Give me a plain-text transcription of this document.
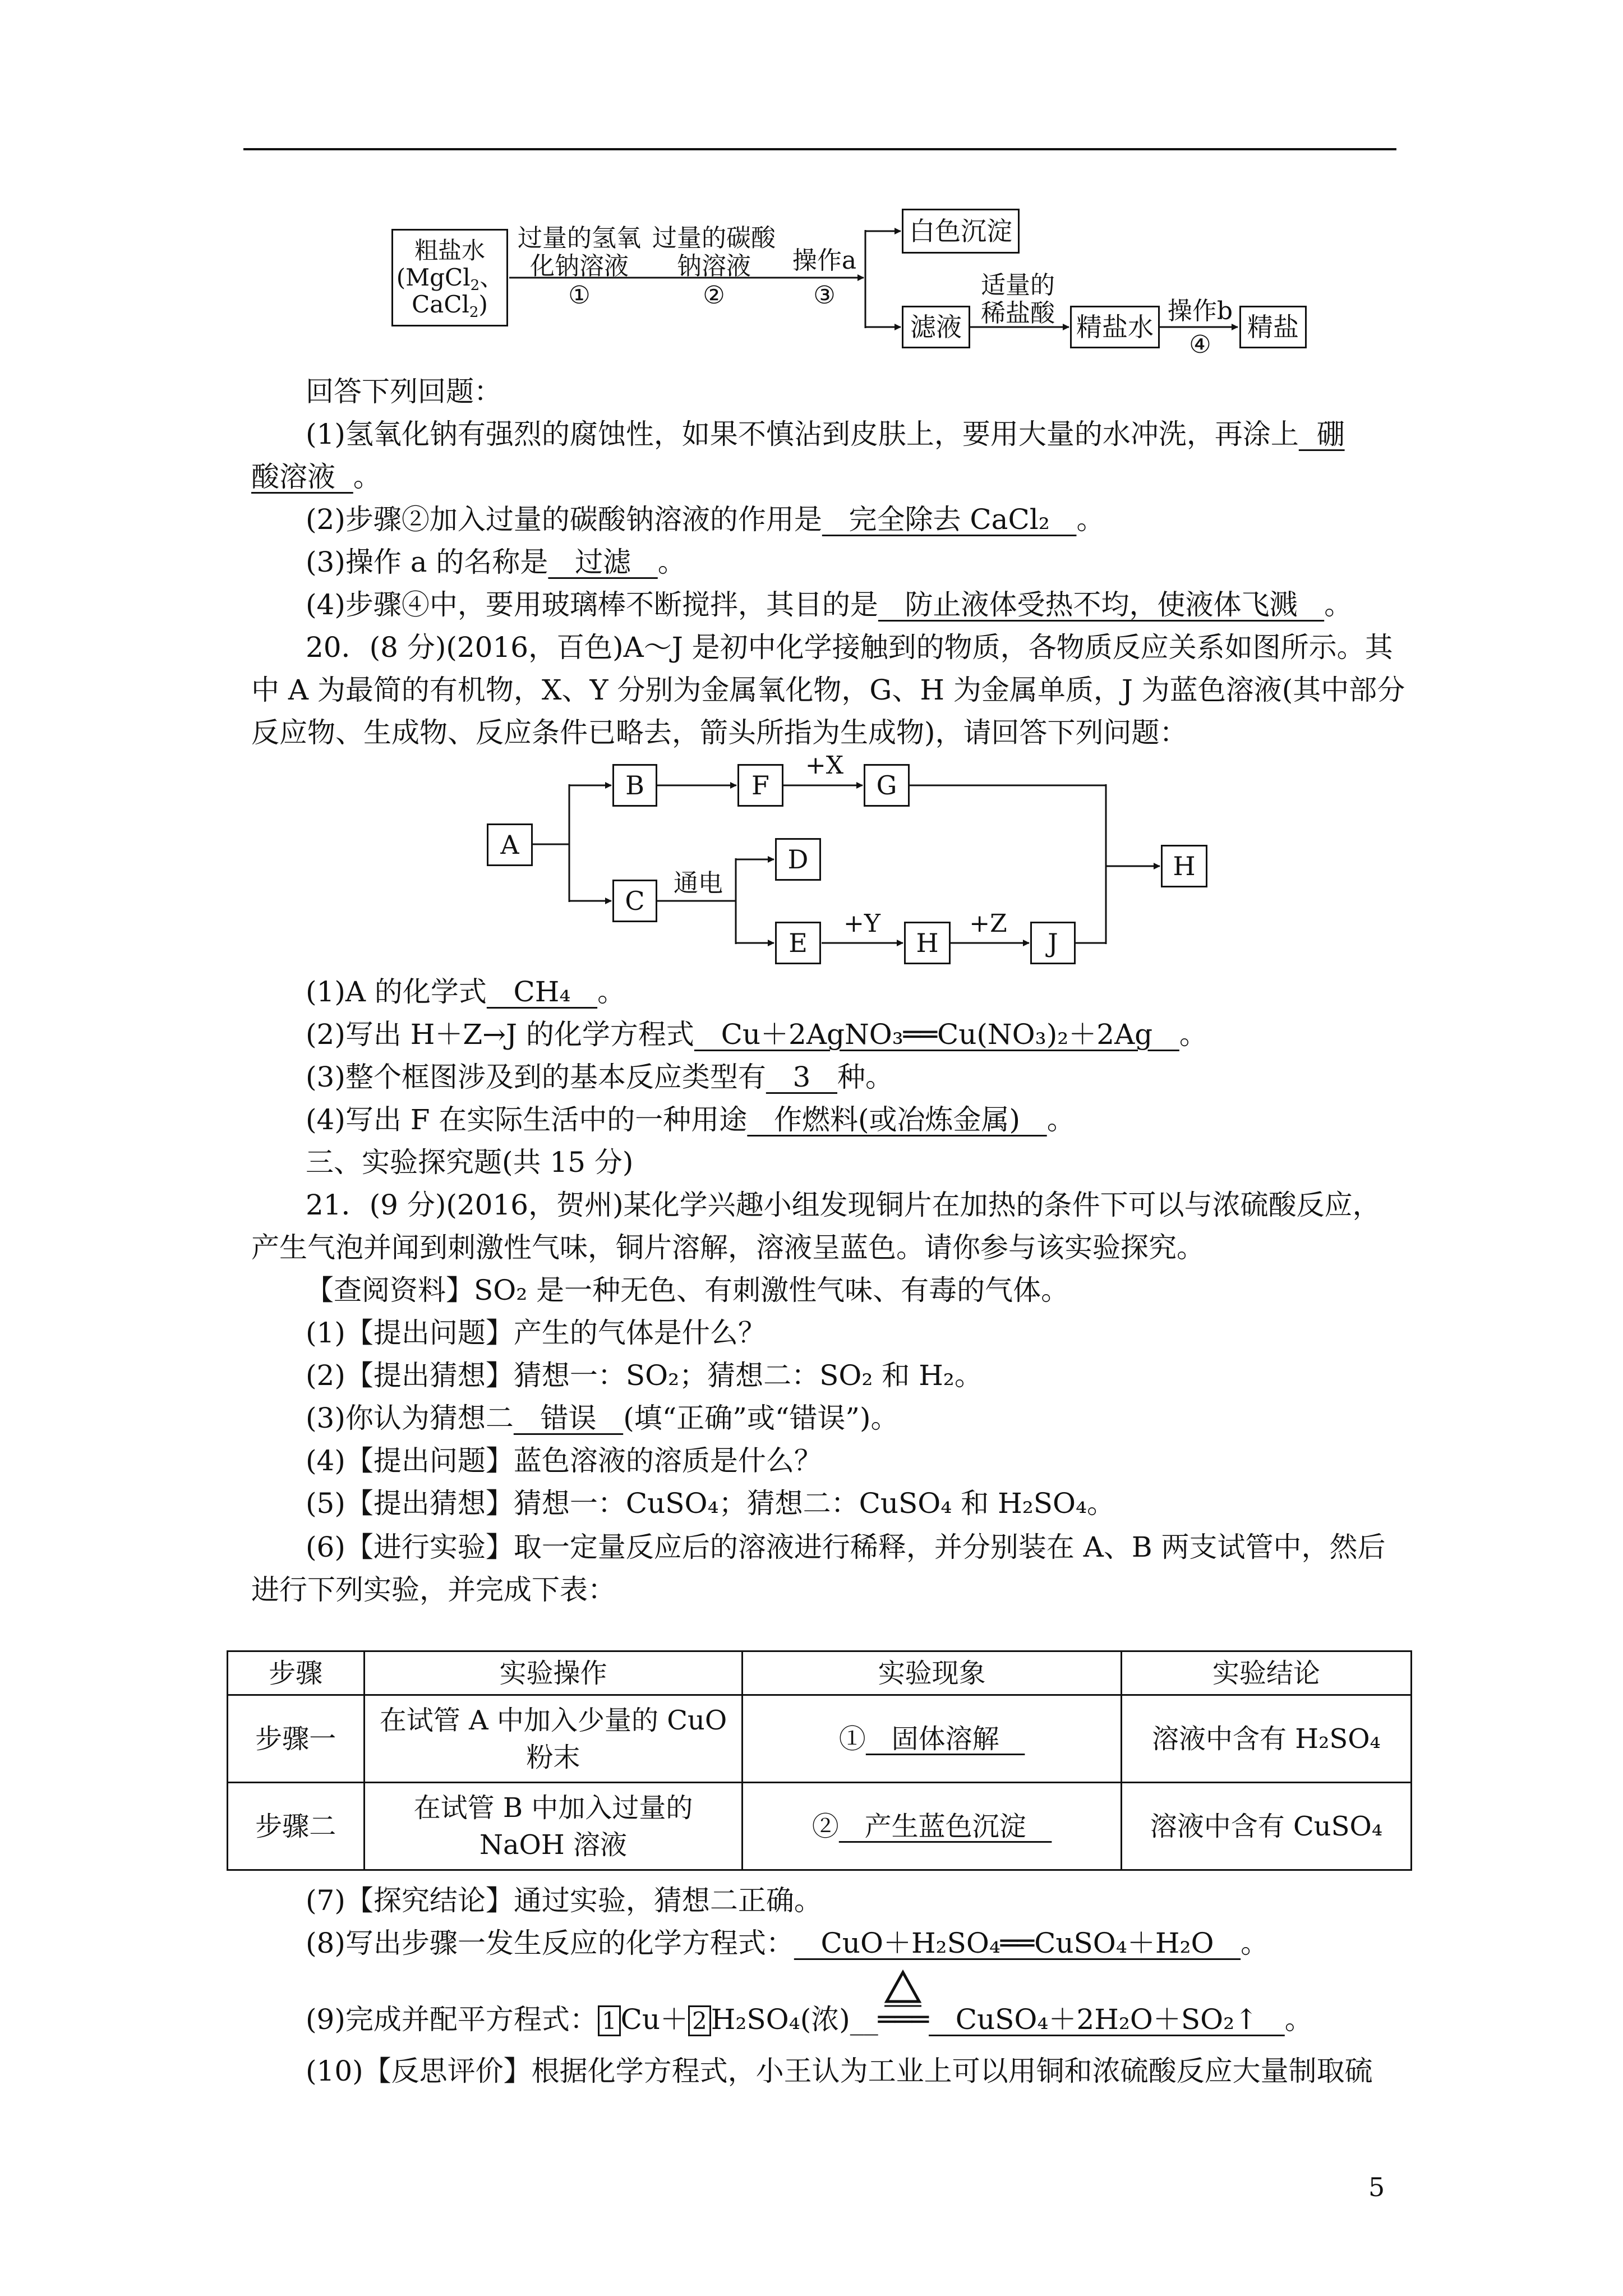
粗盐水
(MgCl$_2$、
CaCl$_2$)
过量的氢氧
化钠溶液
①
过量的碳酸
钠溶液
②
操作a
③
白色沉淀
滤液
适量的
稀盐酸 精盐水
操作b
④
精盐
回答下列回题：
(1)氢氧化钠有强烈的腐蚀性，如果不慎沾到皮肤上，要用大量的水冲洗，再涂上  硼
酸溶液  。
(2)步骤②加入过量的碳酸钠溶液的作用是   完全除去 CaCl₂   。
(3)操作 a 的名称是   过滤   。
(4)步骤④中，要用玻璃棒不断搅拌，其目的是   防止液体受热不均，使液体飞溅   。
20．(8 分)(2016，百色)A～J 是初中化学接触到的物质，各物质反应关系如图所示。其
中 A 为最简的有机物，X、Y 分别为金属氧化物，G、H 为金属单质，J 为蓝色溶液(其中部分
反应物、生成物、反应条件已略去，箭头所指为生成物)，请回答下列问题：
A
B
C
F	G
D
E	H	J
H
+X
通电
+Y	+Z
(1)A 的化学式   CH₄   。
(2)写出 H＋Z→J 的化学方程式   Cu＋2AgNO₃══Cu(NO₃)₂＋2Ag   。
(3)整个框图涉及到的基本反应类型有   3   种。
(4)写出 F 在实际生活中的一种用途   作燃料(或冶炼金属)   。
三、实验探究题(共 15 分)
21．(9 分)(2016，贺州)某化学兴趣小组发现铜片在加热的条件下可以与浓硫酸反应，
产生气泡并闻到刺激性气味，铜片溶解，溶液呈蓝色。请你参与该实验探究。
【查阅资料】SO₂ 是一种无色、有刺激性气味、有毒的气体。
(1)【提出问题】产生的气体是什么？
(2)【提出猜想】猜想一：SO₂；猜想二：SO₂ 和 H₂。
(3)你认为猜想二   错误   (填“正确”或“错误”)。
(4)【提出问题】蓝色溶液的溶质是什么？
(5)【提出猜想】猜想一：CuSO₄；猜想二：CuSO₄ 和 H₂SO₄。
(6)【进行实验】取一定量反应后的溶液进行稀释，并分别装在 A、B 两支试管中，然后
进行下列实验，并完成下表：
步骤	实验操作	实验现象	实验结论
步骤一	在试管 A 中加入少量的 CuO
粉末	①   固体溶解	溶液中含有 H₂SO₄
步骤二	在试管 B 中加入过量的
NaOH 溶液	②   产生蓝色沉淀	溶液中含有 CuSO₄
(7)【探究结论】通过实验，猜想二正确。
(8)写出步骤一发生反应的化学方程式：   CuO＋H₂SO₄══CuSO₄＋H₂O   。
(9)完成并配平方程式： 1 Cu＋ 2 H₂SO₄(浓)__═══   CuSO₄＋2H₂O＋SO₂↑   。
(10)【反思评价】根据化学方程式，小王认为工业上可以用铜和浓硫酸反应大量制取硫
5
